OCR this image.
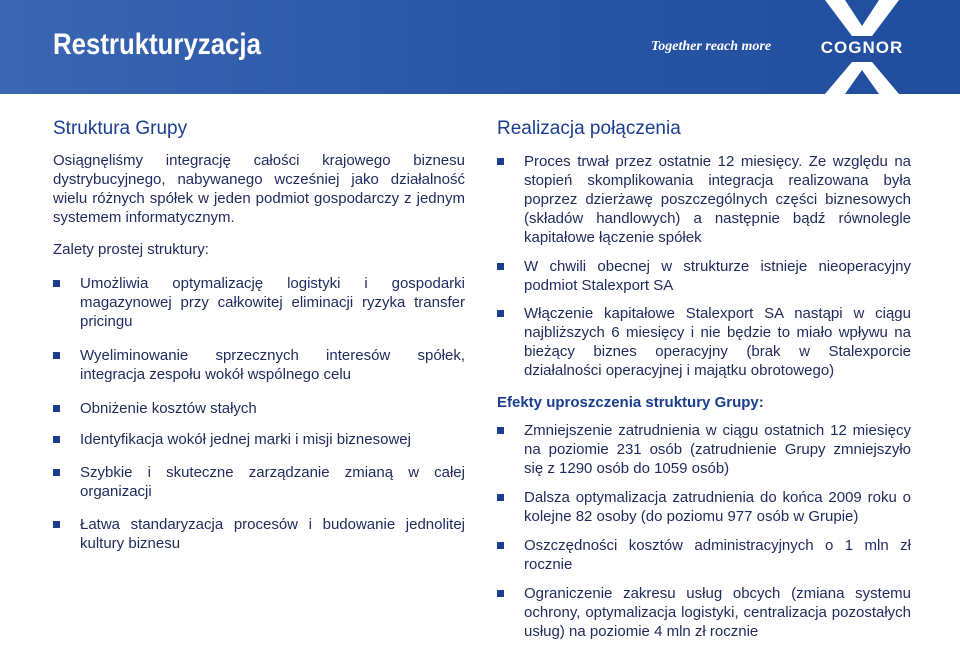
Restrukturyzacja	Together reach more	COGNOR
Struktura Grupy

Osiągnęliśmy integrację całości krajowego biznesu dystrybucyjnego, nabywanego wcześniej jako działalność wielu różnych spółek w jeden podmiot gospodarczy z jednym systemem informatycznym.

Zalety prostej struktury:

Umożliwia optymalizację logistyki i gospodarki magazynowej przy całkowitej eliminacji ryzyka transfer pricingu
Wyeliminowanie sprzecznych interesów spółek, integracja zespołu wokół wspólnego celu
Obniżenie kosztów stałych
Identyfikacja wokół jednej marki i misji biznesowej
Szybkie i skuteczne zarządzanie zmianą w całej organizacji
Łatwa standaryzacja procesów i budowanie jednolitej kultury biznesu
Realizacja połączenia
Proces trwał przez ostatnie 12 miesięcy. Ze względu na stopień skomplikowania integracja realizowana była poprzez dzierżawę poszczególnych części biznesowych (składów handlowych) a następnie bądź równolegle kapitałowe łączenie spółek
W chwili obecnej w strukturze istnieje nieoperacyjny podmiot Stalexport SA
Włączenie kapitałowe Stalexport SA nastąpi w ciągu najbliższych 6 miesięcy i nie będzie to miało wpływu na bieżący biznes operacyjny (brak w Stalexporcie działalności operacyjnej i majątku obrotowego)
Efekty uproszczenia struktury Grupy:
Zmniejszenie zatrudnienia w ciągu ostatnich 12 miesięcy na poziomie 231 osób (zatrudnienie Grupy zmniejszyło się z 1290 osób do 1059 osób)
Dalsza optymalizacja zatrudnienia do końca 2009 roku o kolejne 82 osoby (do poziomu 977 osób w Grupie)
Oszczędności kosztów administracyjnych o 1 mln zł rocznie
Ograniczenie zakresu usług obcych (zmiana systemu ochrony, optymalizacja logistyki, centralizacja pozostałych usług) na poziomie 4 mln zł rocznie
